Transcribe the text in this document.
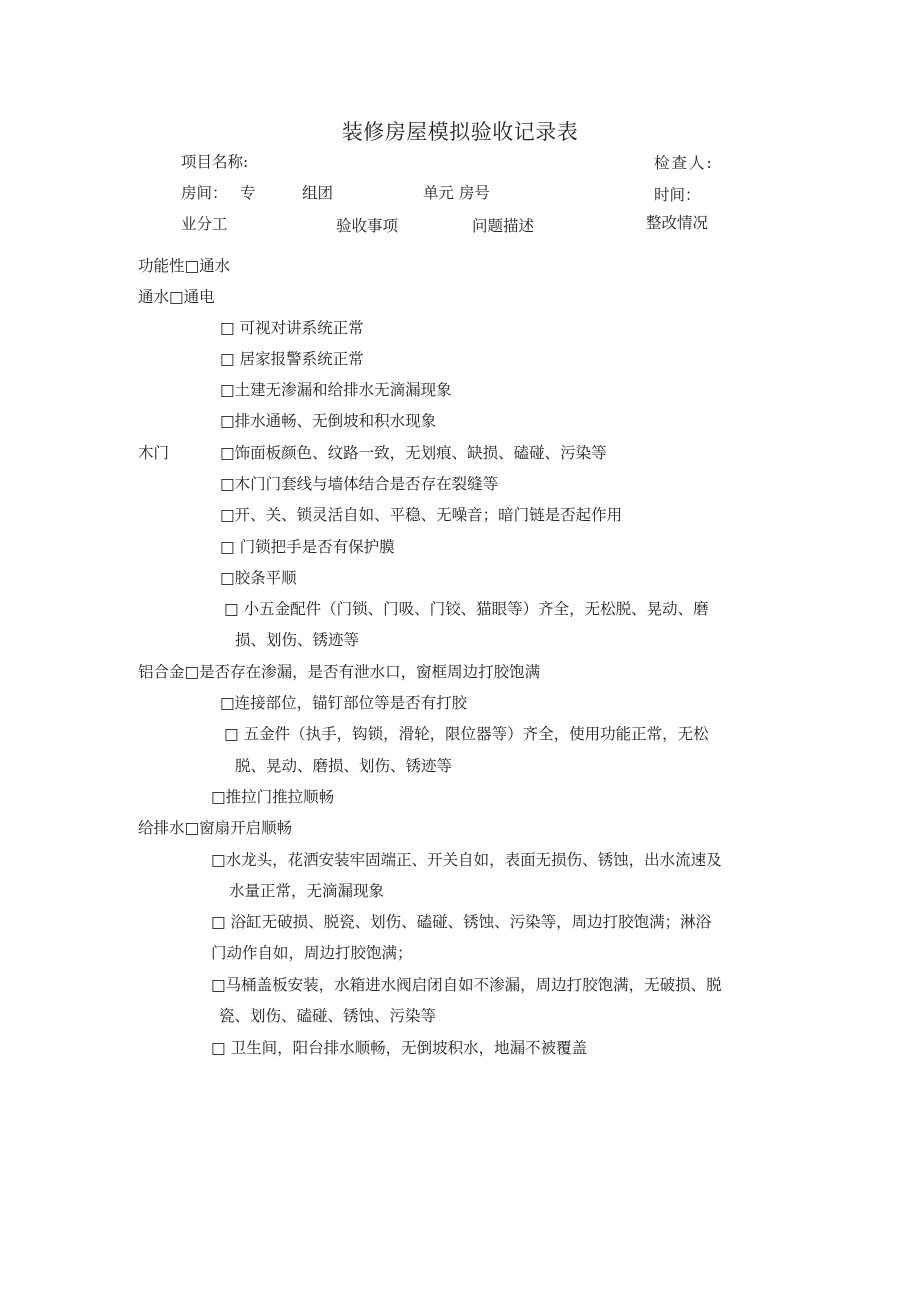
装修房屋模拟验收记录表
项目名称:	检查人:
房间： 专	组团	单元 房号	时间：
业分工	验收事项	问题描述	整改情况
功能性□通水
通水□通电
□ 可视对讲系统正常
□ 居家报警系统正常
□土建无渗漏和给排水无滴漏现象
□排水通畅、无倒坡和积水现象
木门	□饰面板颜色、纹路一致，无划痕、缺损、磕碰、污染等
□木门门套线与墙体结合是否存在裂缝等
□开、关、锁灵活自如、平稳、无噪音；暗门链是否起作用
□ 门锁把手是否有保护膜
□胶条平顺
□ 小五金配件（门锁、门吸、门铰、猫眼等）齐全，无松脱、晃动、磨
损、划伤、锈迹等
铝合金□是否存在渗漏，是否有泄水口，窗框周边打胶饱满
□连接部位，锚钉部位等是否有打胶
□ 五金件（执手，钩锁，滑轮，限位器等）齐全，使用功能正常，无松
脱、晃动、磨损、划伤、锈迹等
□推拉门推拉顺畅
给排水□窗扇开启顺畅
□水龙头，花洒安装牢固端正、开关自如，表面无损伤、锈蚀，出水流速及
水量正常，无滴漏现象
□ 浴缸无破损、脱瓷、划伤、磕碰、锈蚀、污染等，周边打胶饱满；淋浴
门动作自如，周边打胶饱满；
□马桶盖板安装，水箱进水阀启闭自如不渗漏，周边打胶饱满，无破损、脱
瓷、划伤、磕碰、锈蚀、污染等
□ 卫生间，阳台排水顺畅，无倒坡积水，地漏不被覆盖
